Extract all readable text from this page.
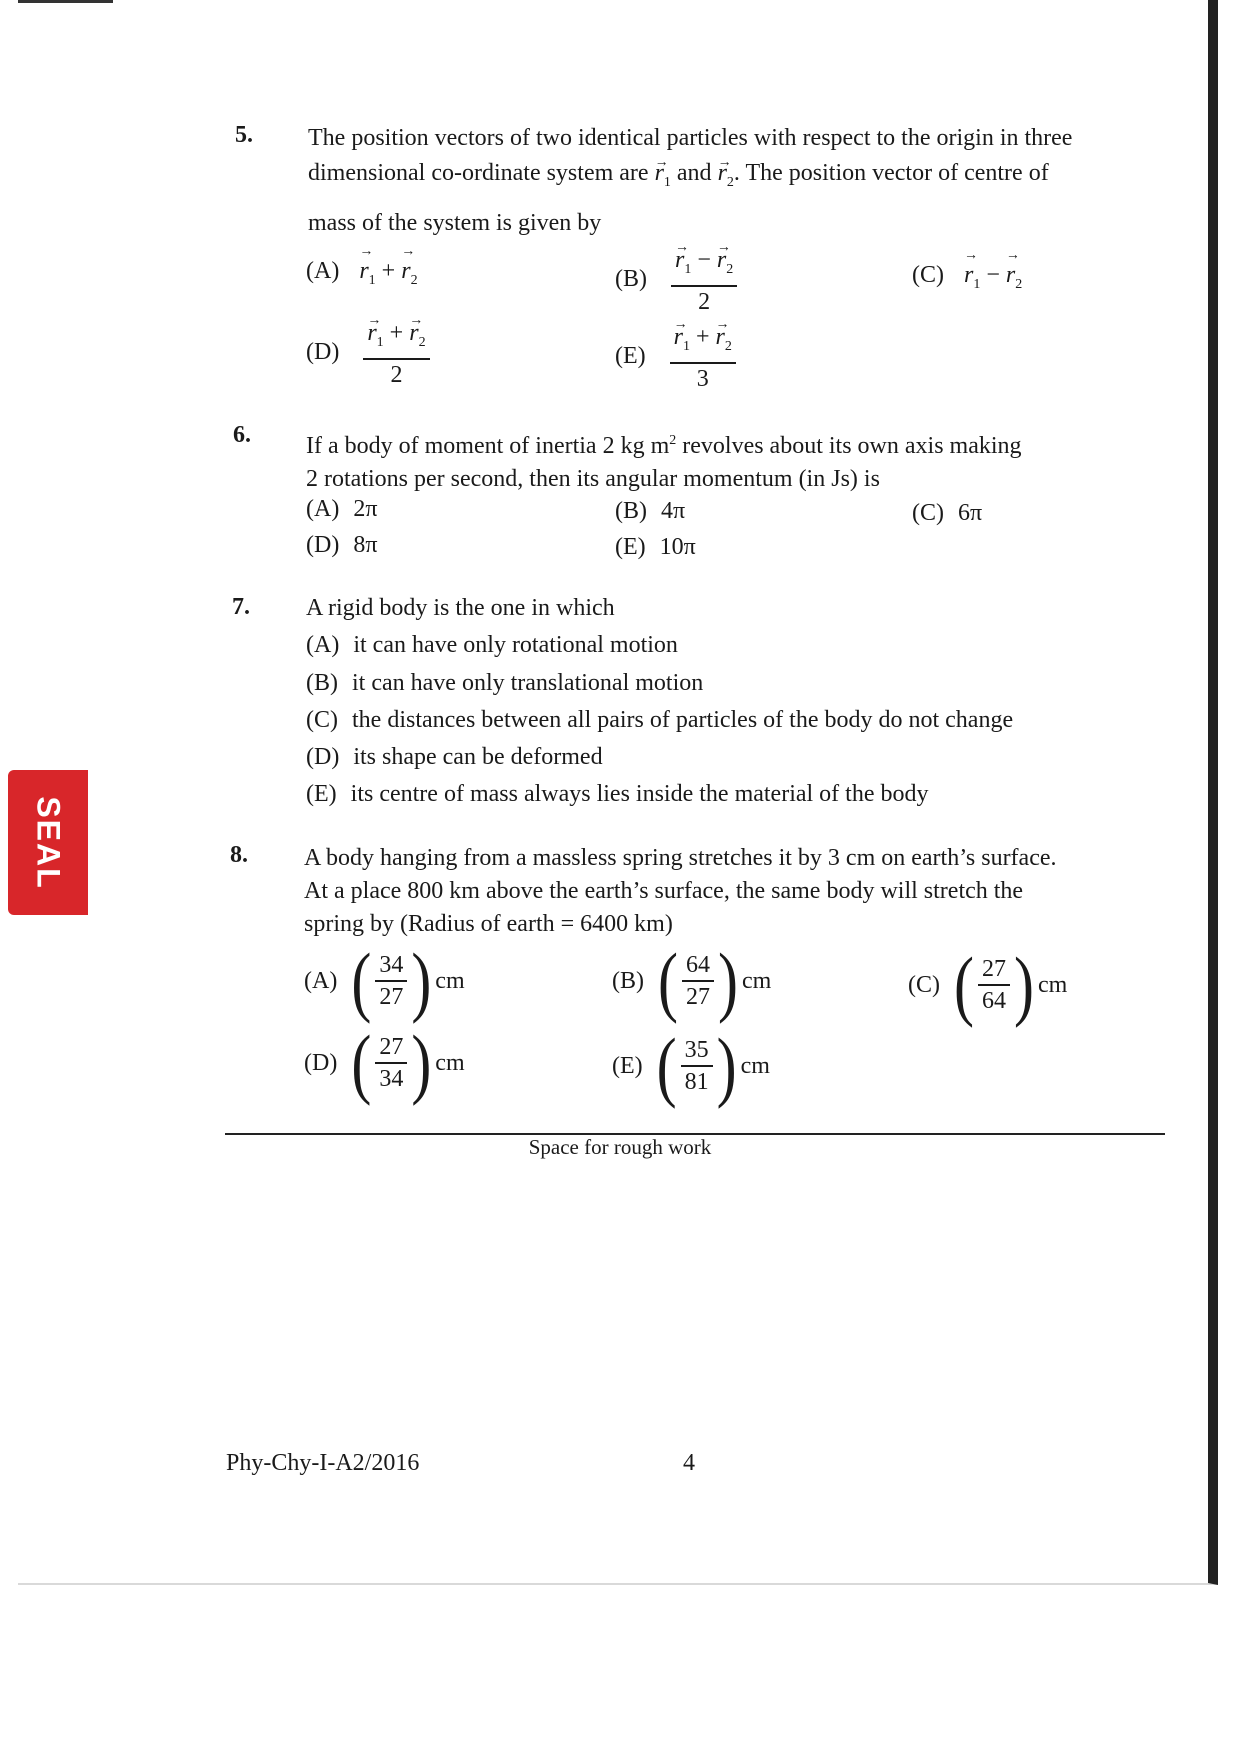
SEAL
5. The position vectors of two identical particles with respect to the origin in three
dimensional co-ordinate system are → $r_1$ and → $r_2$. The position vector of centre of
mass of the system is given by
$(A) \to r_1$ + → $r_2$	(B)
→ $\frac{r_1 - \to r_2}{2}$	$(C) \to r_1$ − → $r_2$
(D)
→ $\frac{r_1 + \to r_2}{2}$	(E)
→ $\frac{r_1 + \to r_2}{3}$
6. If a body of moment of inertia 2 kg $m^2$ revolves about its own axis making
2 rotations per second, then its angular momentum (in Js) is
(A) 2π	(B) 4π	(C) 6π
(D) 8π	(E) 10π
7. A rigid body is the one in which
(A) it can have only rotational motion
(B) it can have only translational motion
(C) the distances between all pairs of particles of the body do not change
(D) its shape can be deformed
(E) its centre of mass always lies inside the material of the body
8. A body hanging from a massless spring stretches it by 3 cm on earth’s surface.
At a place 800 km above the earth’s surface, the same body will stretch the
spring by (Radius of earth = 6400 km)
(A) ( $\frac{34}{27}$ ) cm	(B) ( $\frac{64}{27}$ ) cm	(C) ( $\frac{27}{64}$ ) cm
(D) ( $\frac{27}{34}$ ) cm	(E) ( $\frac{35}{81}$ ) cm
Space for rough work
Phy-Chy-I-A2/2016	4
